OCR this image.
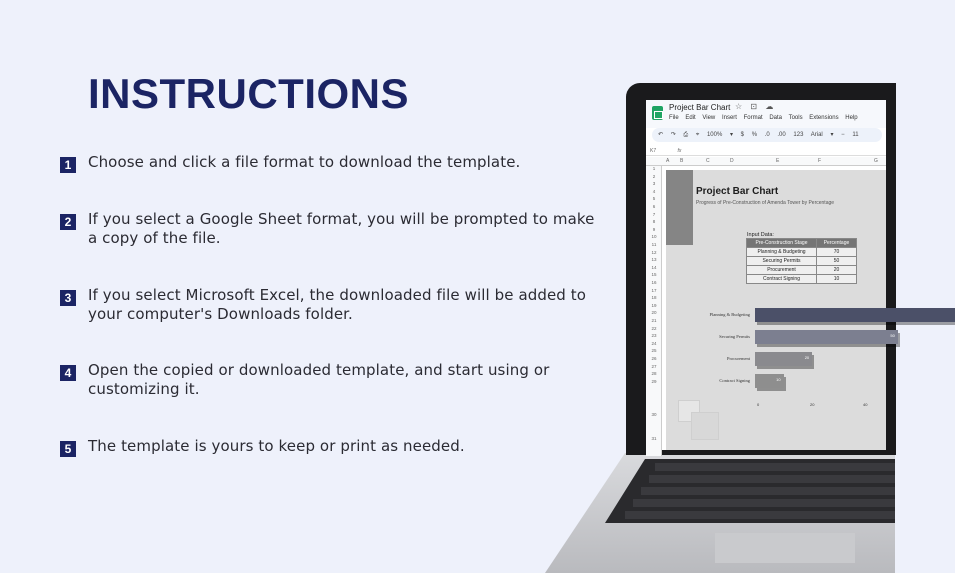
INSTRUCTIONS
1	Choose and click a file format to download the template.
2	If you select a Google Sheet format, you will be prompted to make a copy of the file.
3	If you select Microsoft Excel, the downloaded file will be added to your computer's Downloads folder.
4	Open the copied or downloaded template, and start using or customizing it.
5	The template is yours to keep or print as needed.
Project Bar Chart ☆ ⊡ ☁
File Edit View Insert Format Data Tools Extensions Help
↶ ↷ ⎙ ⌖ 100% ▾ $ % .0 .00 123 Arial ▾ − 11
K7	fx
A B	C	D	E	F	G
1
2
3
4
5
6
7
8
9
10
11
12
13
14
15
16
17
18
19
20
21
22
23
24
25
26
27
28
29
30
31
Project Bar Chart
Progress of Pre-Construction of Amenda Tower by Percentage
Input Data:
Pre-Construction Stage	Percentage
Planning & Budgeting	70
Securing Permits	50
Procurement	20
Contract Signing	10
Planning & Budgeting
Securing Permits	50
Procurement	20
Contract Signing	10
0	20	40
